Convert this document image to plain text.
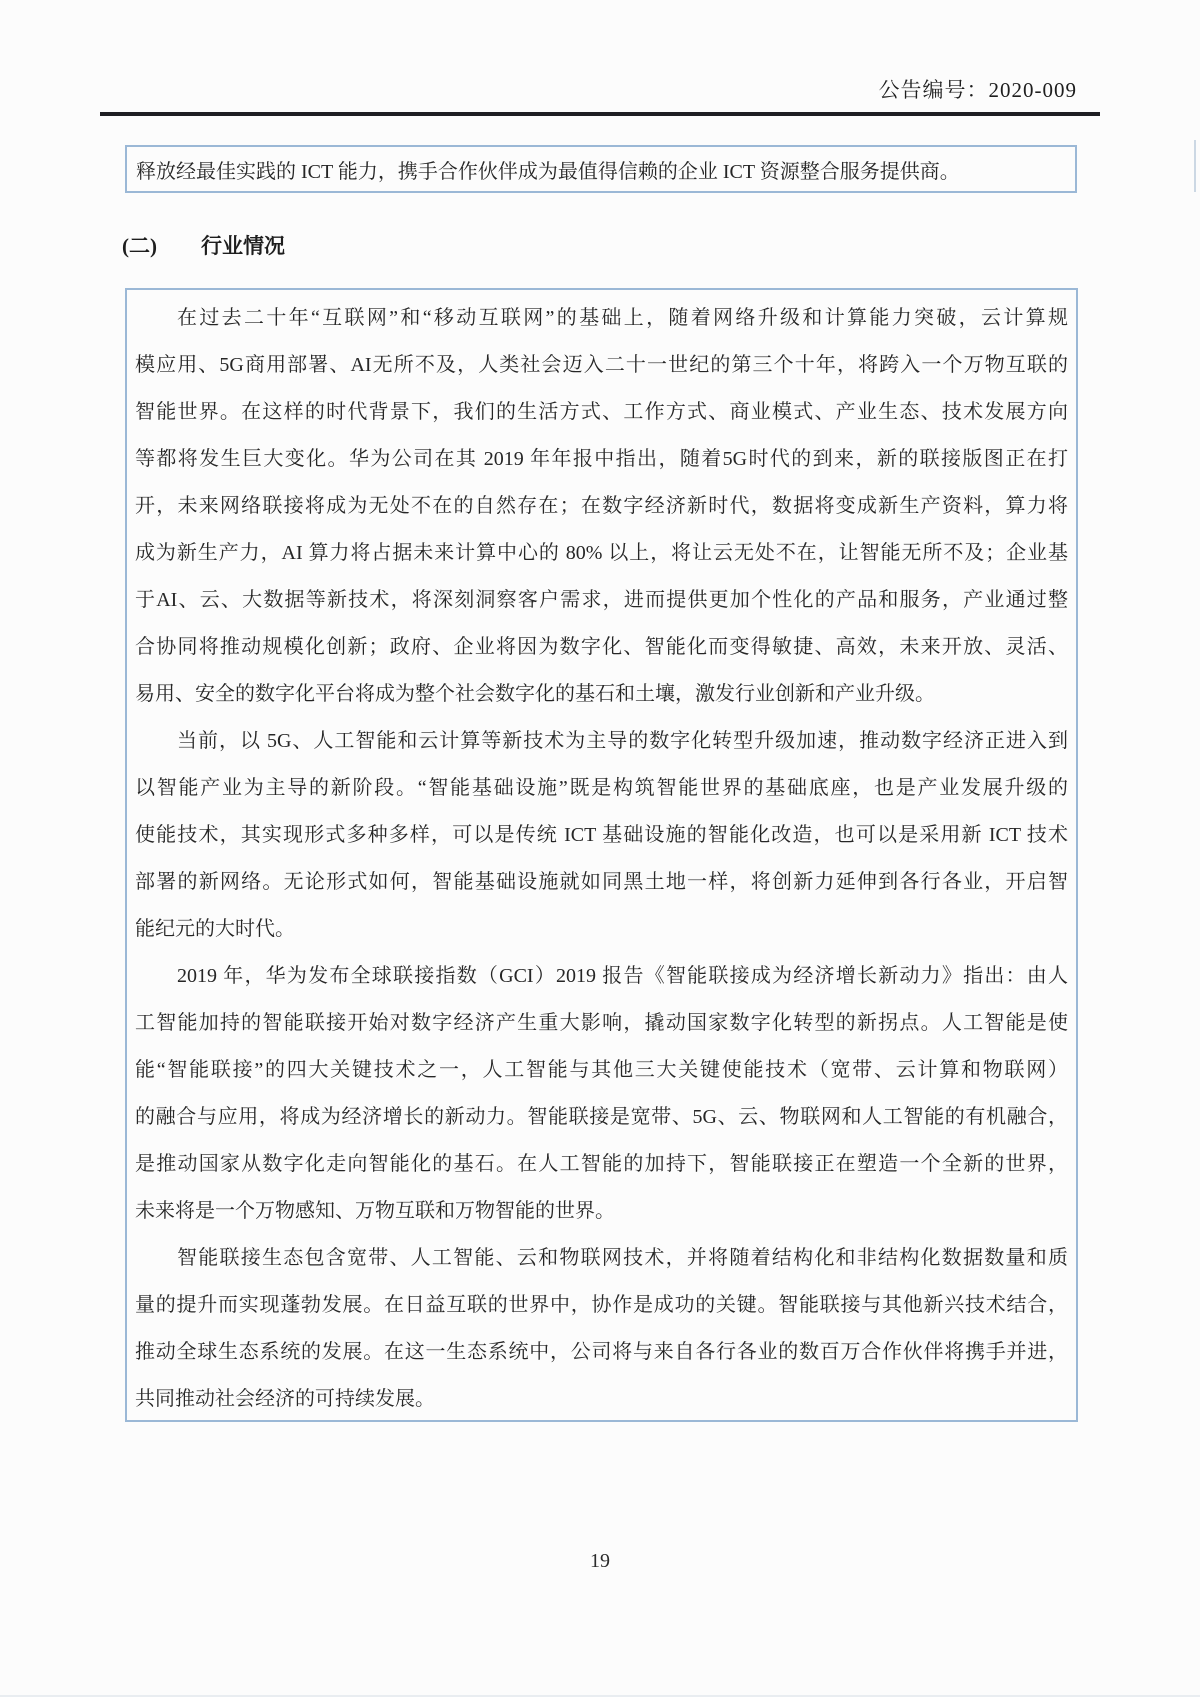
公告编号：2020-009
释放经最佳实践的 ICT 能力，携手合作伙伴成为最值得信赖的企业 ICT 资源整合服务提供商。
(二) 行业情况
在过去二十年“互联网”和“移动互联网”的基础上，随着网络升级和计算能力突破，云计算规
模应用、5G商用部署、AI无所不及，人类社会迈入二十一世纪的第三个十年，将跨入一个万物互联的
智能世界。在这样的时代背景下，我们的生活方式、工作方式、商业模式、产业生态、技术发展方向
等都将发生巨大变化。华为公司在其 2019 年年报中指出，随着5G时代的到来，新的联接版图正在打
开，未来网络联接将成为无处不在的自然存在；在数字经济新时代，数据将变成新生产资料，算力将
成为新生产力，AI 算力将占据未来计算中心的 80% 以上，将让云无处不在，让智能无所不及；企业基
于AI、云、大数据等新技术，将深刻洞察客户需求，进而提供更加个性化的产品和服务，产业通过整
合协同将推动规模化创新；政府、企业将因为数字化、智能化而变得敏捷、高效，未来开放、灵活、
易用、安全的数字化平台将成为整个社会数字化的基石和土壤，激发行业创新和产业升级。
当前，以 5G、人工智能和云计算等新技术为主导的数字化转型升级加速，推动数字经济正进入到
以智能产业为主导的新阶段。“智能基础设施”既是构筑智能世界的基础底座，也是产业发展升级的
使能技术，其实现形式多种多样，可以是传统 ICT 基础设施的智能化改造，也可以是采用新 ICT 技术
部署的新网络。无论形式如何，智能基础设施就如同黑土地一样，将创新力延伸到各行各业，开启智
能纪元的大时代。
2019 年，华为发布全球联接指数（GCI）2019 报告《智能联接成为经济增长新动力》指出：由人
工智能加持的智能联接开始对数字经济产生重大影响，撬动国家数字化转型的新拐点。人工智能是使
能“智能联接”的四大关键技术之一，人工智能与其他三大关键使能技术（宽带、云计算和物联网）
的融合与应用，将成为经济增长的新动力。智能联接是宽带、5G、云、物联网和人工智能的有机融合，
是推动国家从数字化走向智能化的基石。在人工智能的加持下，智能联接正在塑造一个全新的世界，
未来将是一个万物感知、万物互联和万物智能的世界。
智能联接生态包含宽带、人工智能、云和物联网技术，并将随着结构化和非结构化数据数量和质
量的提升而实现蓬勃发展。在日益互联的世界中，协作是成功的关键。智能联接与其他新兴技术结合，
推动全球生态系统的发展。在这一生态系统中，公司将与来自各行各业的数百万合作伙伴将携手并进，
共同推动社会经济的可持续发展。
19
